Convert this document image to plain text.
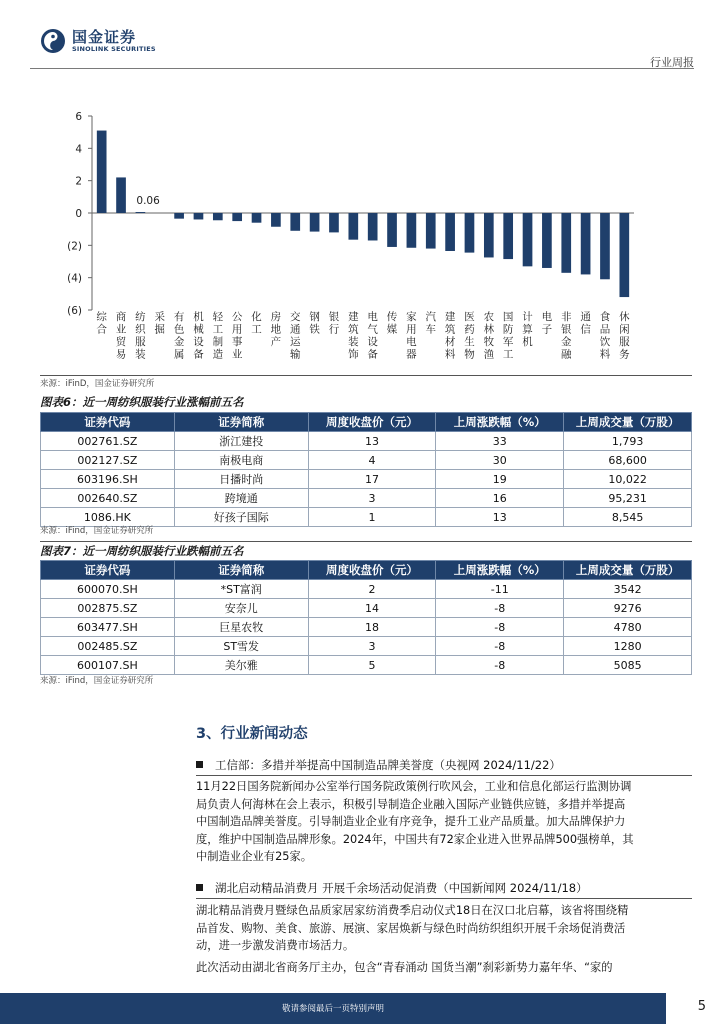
国金证券
SINOLINK SECURITIES
行业周报
6
4
2
0
(2)
(4)
(6)
0.06
综合
商业贸易
纺织服装
采掘
有色金属
机械设备
轻工制造
公用事业
化工
房地产
交通运输
钢铁
银行
建筑装饰
电气设备
传媒
家用电器
汽车
建筑材料
医药生物
农林牧渔
国防军工
计算机
电子
非银金融
通信
食品饮料
休闲服务
来源：iFinD，国金证券研究所
图表6：近一周纺织服装行业涨幅前五名
证券代码	证券简称	周度收盘价（元）	上周涨跌幅（%）	上周成交量（万股）
002761.SZ	浙江建投	13	33	1,793
002127.SZ	南极电商	4	30	68,600
603196.SH	日播时尚	17	19	10,022
002640.SZ	跨境通	3	16	95,231
1086.HK	好孩子国际	1	13	8,545
来源：iFind，国金证券研究所
图表7：近一周纺织服装行业跌幅前五名
证券代码	证券简称	周度收盘价（元）	上周涨跌幅（%）	上周成交量（万股）
600070.SH	*ST富润	2	-11	3542
002875.SZ	安奈儿	14	-8	9276
603477.SH	巨星农牧	18	-8	4780
002485.SZ	ST雪发	3	-8	1280
600107.SH	美尔雅	5	-8	5085
来源：iFind，国金证券研究所
3、行业新闻动态
工信部：多措并举提高中国制造品牌美誉度（央视网 2024/11/22）
11月22日国务院新闻办公室举行国务院政策例行吹风会，工业和信息化部运行监测协调
局负责人何海林在会上表示，积极引导制造企业融入国际产业链供应链，多措并举提高
中国制造品牌美誉度。引导制造业企业有序竞争，提升工业产品质量。加大品牌保护力
度，维护中国制造品牌形象。2024年，中国共有72家企业进入世界品牌500强榜单，其
中制造业企业有25家。
湖北启动精品消费月 开展千余场活动促消费（中国新闻网 2024/11/18）
湖北精品消费月暨绿色品质家居家纺消费季启动仪式18日在汉口北启幕，该省将围绕精
品首发、购物、美食、旅游、展演、家居焕新与绿色时尚纺织组织开展千余场促消费活
动，进一步激发消费市场活力。
此次活动由湖北省商务厅主办，包含“青春涌动 国货当潮”刹彩新势力嘉年华、“家的
敬请参阅最后一页特别声明	5
